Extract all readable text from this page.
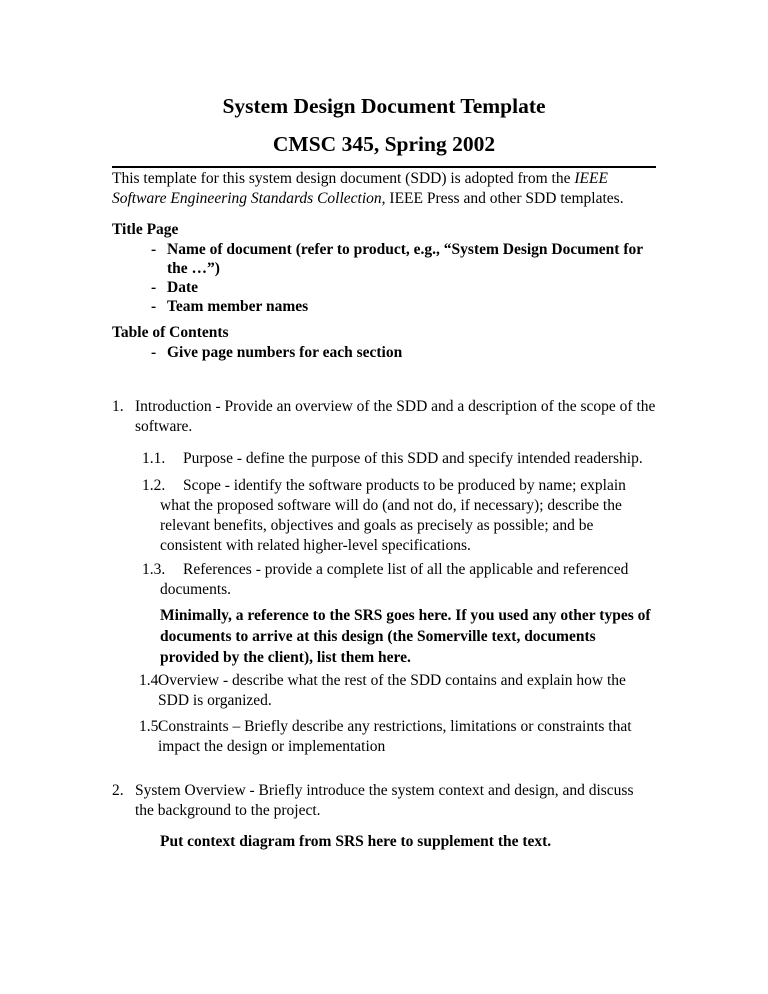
System Design Document Template

CMSC 345, Spring 2002

This template for this system design document (SDD) is adopted from the IEEE Software Engineering Standards Collection, IEEE Press and other SDD templates.

Title Page

- Name of document (refer to product, e.g., “System Design Document for the …”)

- Date

- Team member names

Table of Contents

- Give page numbers for each section

1. Introduction - Provide an overview of the SDD and a description of the scope of the software.

1.1. Purpose - define the purpose of this SDD and specify intended readership.

1.2. Scope - identify the software products to be produced by name; explain what the proposed software will do (and not do, if necessary); describe the relevant benefits, objectives and goals as precisely as possible; and be consistent with related higher-level specifications.

1.3. References - provide a complete list of all the applicable and referenced documents.

Minimally, a reference to the SRS goes here. If you used any other types of documents to arrive at this design (the Somerville text, documents provided by the client), list them here.

1.4Overview - describe what the rest of the SDD contains and explain how the SDD is organized.

1.5Constraints – Briefly describe any restrictions, limitations or constraints that impact the design or implementation

2. System Overview - Briefly introduce the system context and design, and discuss the background to the project.

Put context diagram from SRS here to supplement the text.
